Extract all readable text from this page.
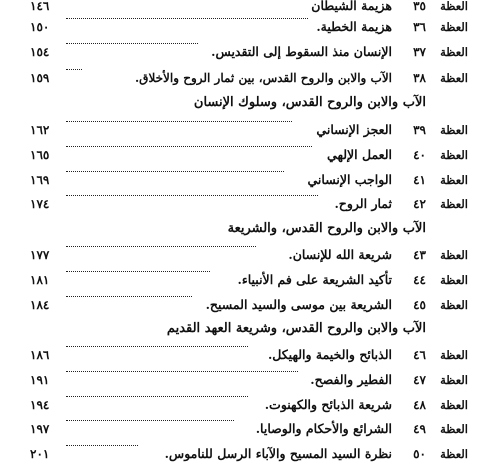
العظة
٣٥
هزيمة الشيطان
١٤٦
العظة
٣٦
هزيمة الخطية.
١٥٠
العظة
٣٧
الإنسان منذ السقوط إلى التقديس.
١٥٤
العظة
٣٨
الآب والابن والروح القدس، بين ثمار الروح والأخلاق.
١٥٩
الآب والابن والروح القدس، وسلوك الإنسان
العظة
٣٩
العجز الإنساني
١٦٢
العظة
٤٠
العمل الإلهي
١٦٥
العظة
٤١
الواجب الإنساني
١٦٩
العظة
٤٢
ثمار الروح.
١٧٤
الآب والابن والروح القدس، والشريعة
العظة
٤٣
شريعة الله للإنسان.
١٧٧
العظة
٤٤
تأكيد الشريعة على فم الأنبياء.
١٨١
العظة
٤٥
الشريعة بين موسى والسيد المسيح.
١٨٤
الآب والابن والروح القدس، وشريعة العهد القديم
العظة
٤٦
الذبائح والخيمة والهيكل.
١٨٦
العظة
٤٧
الفطير والفصح.
١٩١
العظة
٤٨
شريعة الذبائح والكهنوت.
١٩٤
العظة
٤٩
الشرائع والأحكام والوصايا.
١٩٧
العظة
٥٠
نظرة السيد المسيح والآباء الرسل للناموس.
٢٠١
